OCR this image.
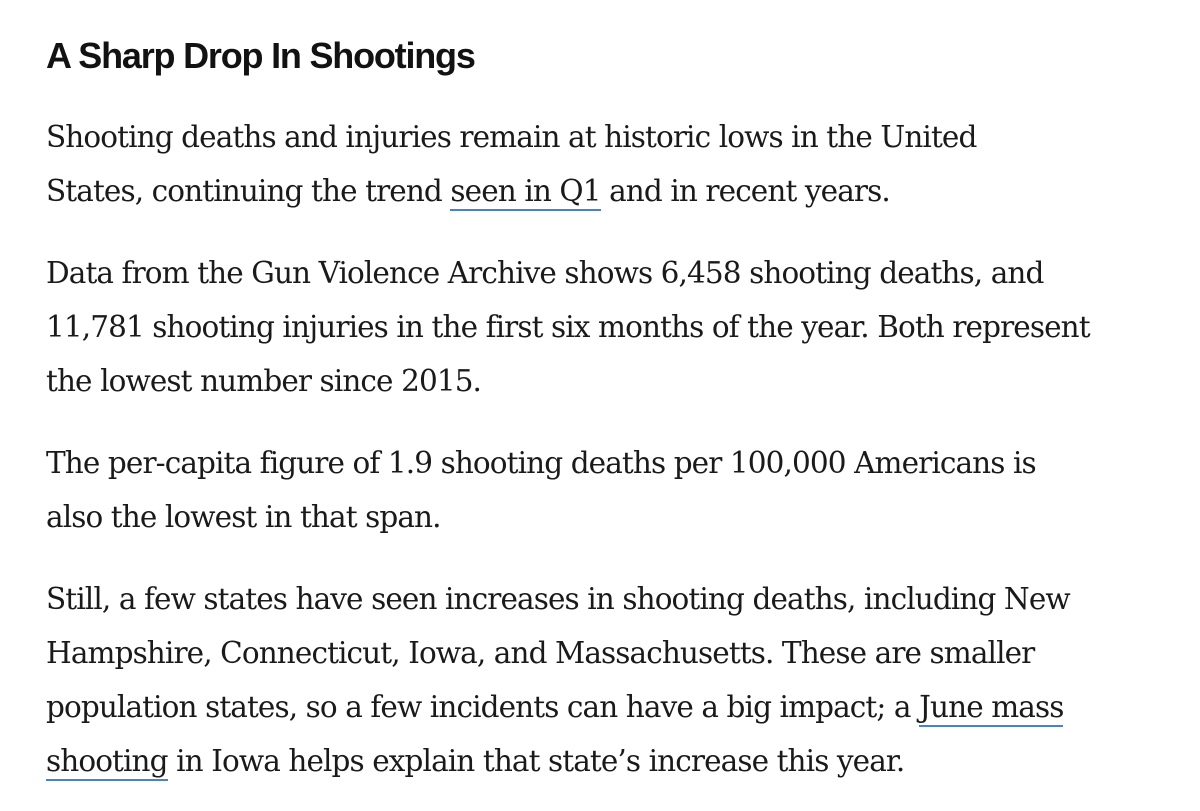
A Sharp Drop In Shootings

Shooting deaths and injuries remain at historic lows in the United
States, continuing the trend seen in Q1 and in recent years.

Data from the Gun Violence Archive shows 6,458 shooting deaths, and
11,781 shooting injuries in the first six months of the year. Both represent
the lowest number since 2015.

The per-capita figure of 1.9 shooting deaths per 100,000 Americans is
also the lowest in that span.

Still, a few states have seen increases in shooting deaths, including New
Hampshire, Connecticut, Iowa, and Massachusetts. These are smaller
population states, so a few incidents can have a big impact; a June mass
shooting in Iowa helps explain that state’s increase this year.
